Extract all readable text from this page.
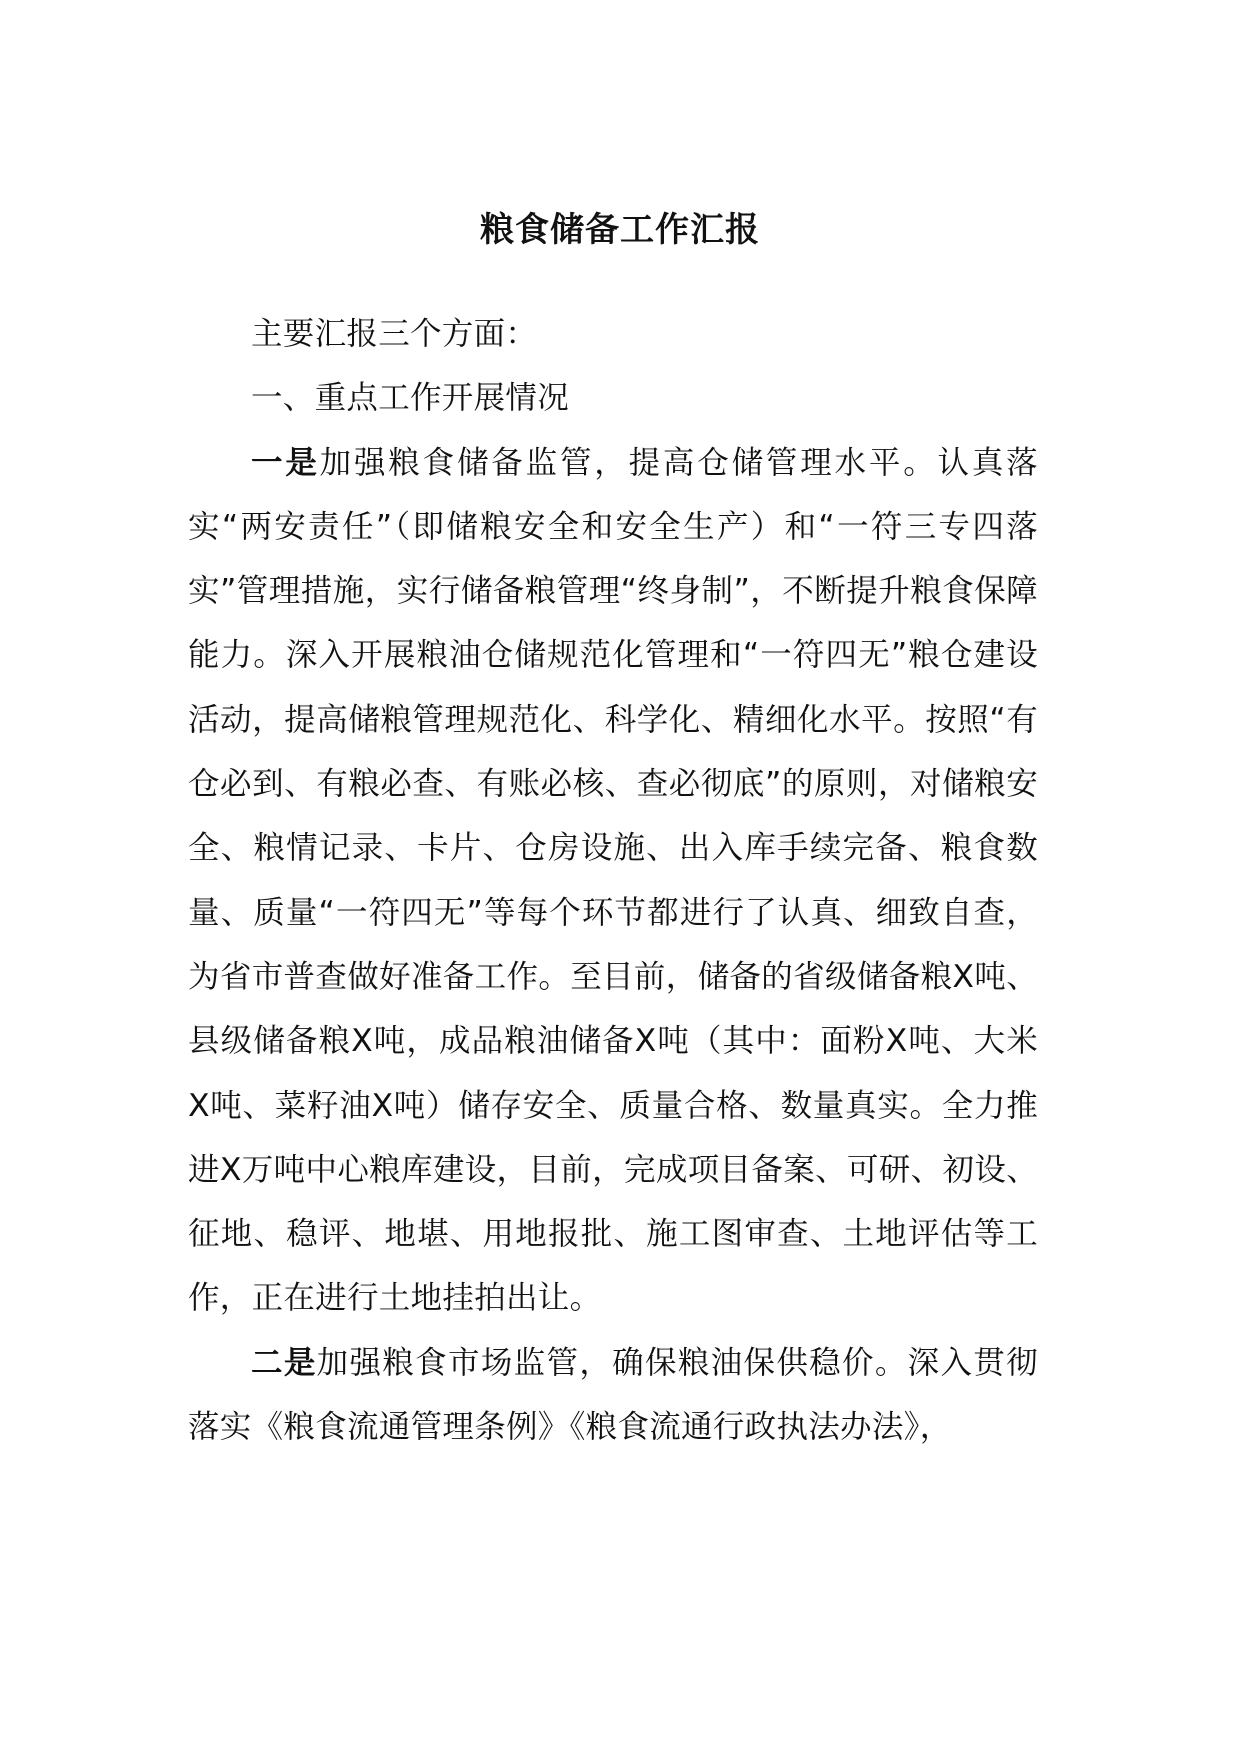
粮食储备工作汇报

主要汇报三个方面：

一、重点工作开展情况

一是加强粮食储备监管，提高仓储管理水平。认真落实“两安责任”（即储粮安全和安全生产）和“一符三专四落实”管理措施，实行储备粮管理“终身制”，不断提升粮食保障能力。深入开展粮油仓储规范化管理和“一符四无”粮仓建设活动，提高储粮管理规范化、科学化、精细化水平。按照“有仓必到、有粮必查、有账必核、查必彻底”的原则，对储粮安全、粮情记录、卡片、仓房设施、出入库手续完备、粮食数量、质量“一符四无”等每个环节都进行了认真、细致自查，为省市普查做好准备工作。至目前，储备的省级储备粮X吨、县级储备粮X吨，成品粮油储备X吨（其中：面粉X吨、大米X吨、菜籽油X吨）储存安全、质量合格、数量真实。全力推进X万吨中心粮库建设，目前，完成项目备案、可研、初设、征地、稳评、地堪、用地报批、施工图审查、土地评估等工作，正在进行土地挂拍出让。

二是加强粮食市场监管，确保粮油保供稳价。深入贯彻落实《粮食流通管理条例》《粮食流通行政执法办法》，
